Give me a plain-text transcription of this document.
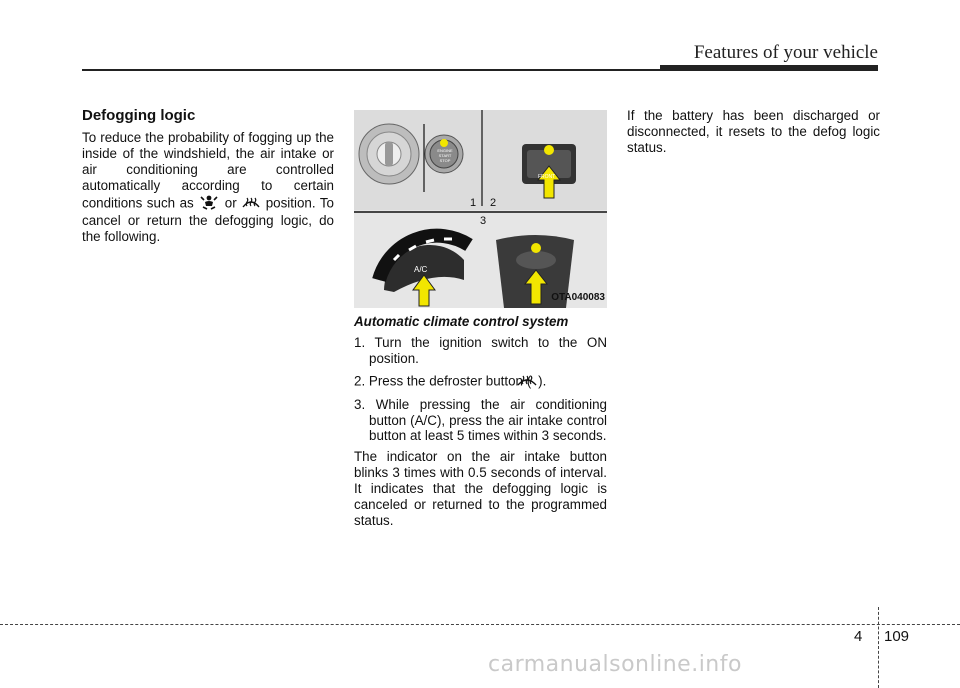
Features of your vehicle
Defogging logic

To reduce the probability of fogging up the inside of the windshield, the air intake or air conditioning are controlled automatically according to certain conditions such as or position. To cancel or return the defogging logic, do the following.

1 2
3
ENGINE START STOP
FRONT
A/C
OTA040083
Automatic climate control system
1. Turn the ignition switch to the ON position.
2. Press the defroster button ( ).
3. While pressing the air conditioning button (A/C), press the air intake control button at least 5 times within 3 seconds.

The indicator on the air intake button blinks 3 times with 0.5 seconds of interval. It indicates that the defogging logic is canceled or returned to the programmed status.

If the battery has been discharged or disconnected, it resets to the defog logic status.

4 109
carmanualsonline.info
